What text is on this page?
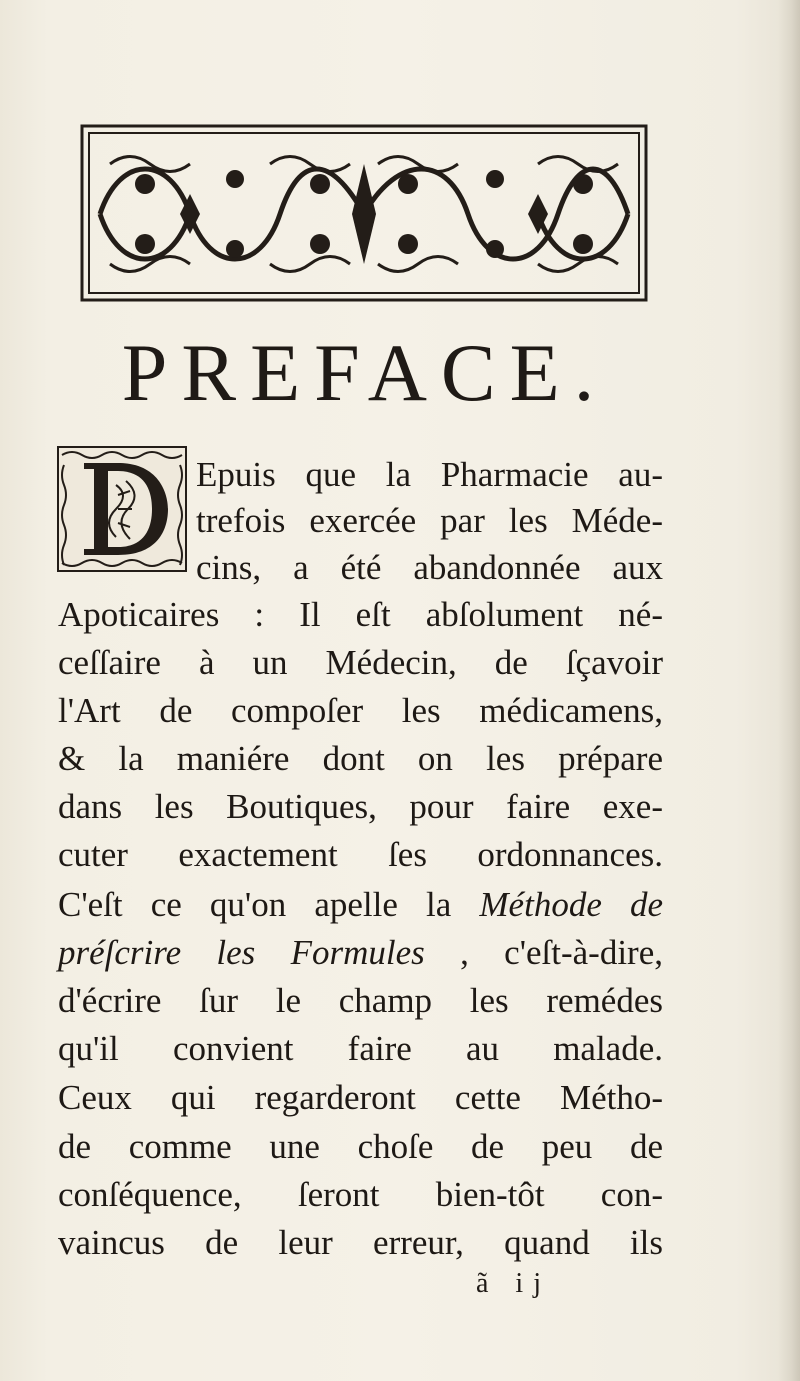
PREFACE.
Epuis que la Pharmacie au-
trefois exercée par les Méde-
cins, a été abandonnée aux
Apoticaires : Il eſt abſolument né-
ceſſaire à un Médecin, de ſçavoir
l'Art de compoſer les médicamens,
& la maniére dont on les prépare
dans les Boutiques, pour faire exe-
cuter exactement ſes ordonnances.
C'eſt ce qu'on apelle la Méthode de
préſcrire les Formules , c'eſt-à-dire,
d'écrire ſur le champ les remédes
qu'il convient faire au malade.
Ceux qui regarderont cette Métho-
de comme une choſe de peu de
conſéquence, ſeront bien-tôt con-
vaincus de leur erreur, quand ils
ã ij
